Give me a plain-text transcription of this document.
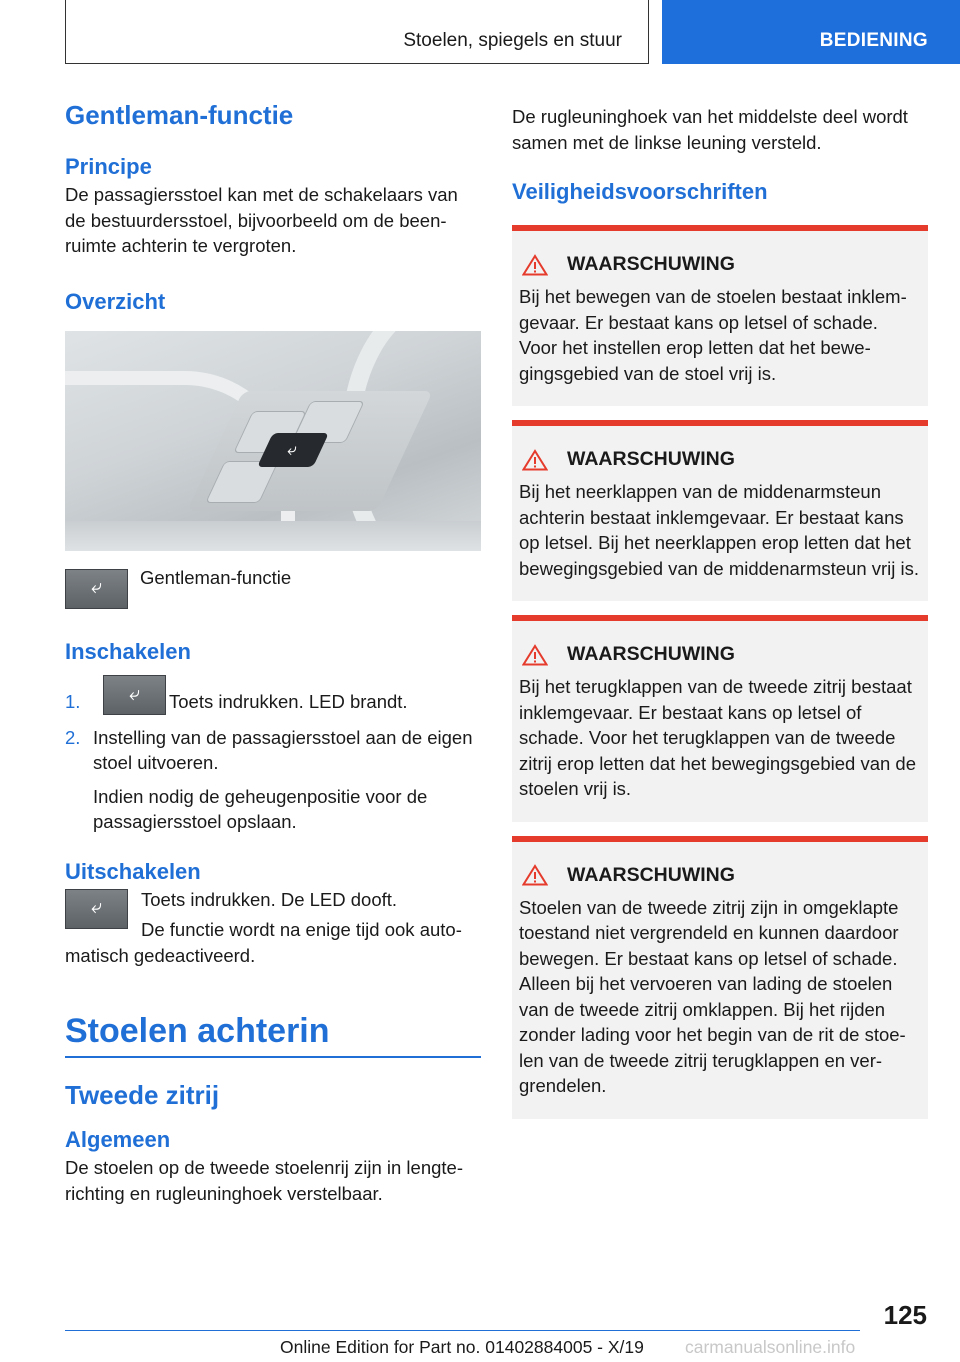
Stoelen, spiegels en stuur	BEDIENING
Gentleman-functie
Principe

De passagiersstoel kan met de schakelaars van de bestuurdersstoel, bijvoorbeeld om de beenruimte achterin te vergroten.

Overzicht
⤶
⤶	Gentleman-functie
Inschakelen
1.	⤶	Toets indrukken. LED brandt.
2. Instelling van de passagiersstoel aan de eigen stoel uitvoeren.
Indien nodig de geheugenpositie voor de passagiersstoel opslaan.
Uitschakelen
⤶	Toets indrukken. De LED dooft.

De functie wordt na enige tijd ook automatisch gedeactiveerd.

Stoelen achterin
Tweede zitrij
Algemeen

De stoelen op de tweede stoelenrij zijn in lengterichting en rugleuninghoek verstelbaar.

De rugleuninghoek van het middelste deel wordt samen met de linkse leuning versteld.

Veiligheidsvoorschriften
WAARSCHUWING

Bij het bewegen van de stoelen bestaat inklemgevaar. Er bestaat kans op letsel of schade. Voor het instellen erop letten dat het bewegingsgebied van de stoel vrij is.

WAARSCHUWING

Bij het neerklappen van de middenarmsteun achterin bestaat inklemgevaar. Er bestaat kans op letsel. Bij het neerklappen erop letten dat het bewegingsgebied van de middenarmsteun vrij is.

WAARSCHUWING

Bij het terugklappen van de tweede zitrij bestaat inklemgevaar. Er bestaat kans op letsel of schade. Voor het terugklappen van de tweede zitrij erop letten dat het bewegingsgebied van de stoelen vrij is.

WAARSCHUWING

Stoelen van de tweede zitrij zijn in omgeklapte toestand niet vergrendeld en kunnen daardoor bewegen. Er bestaat kans op letsel of schade. Alleen bij het vervoeren van lading de stoelen van de tweede zitrij omklappen. Bij het rijden zonder lading voor het begin van de rit de stoelen van de tweede zitrij terugklappen en vergrendelen.

125
Online Edition for Part no. 01402884005 - X/19 carmanualsonline.info
